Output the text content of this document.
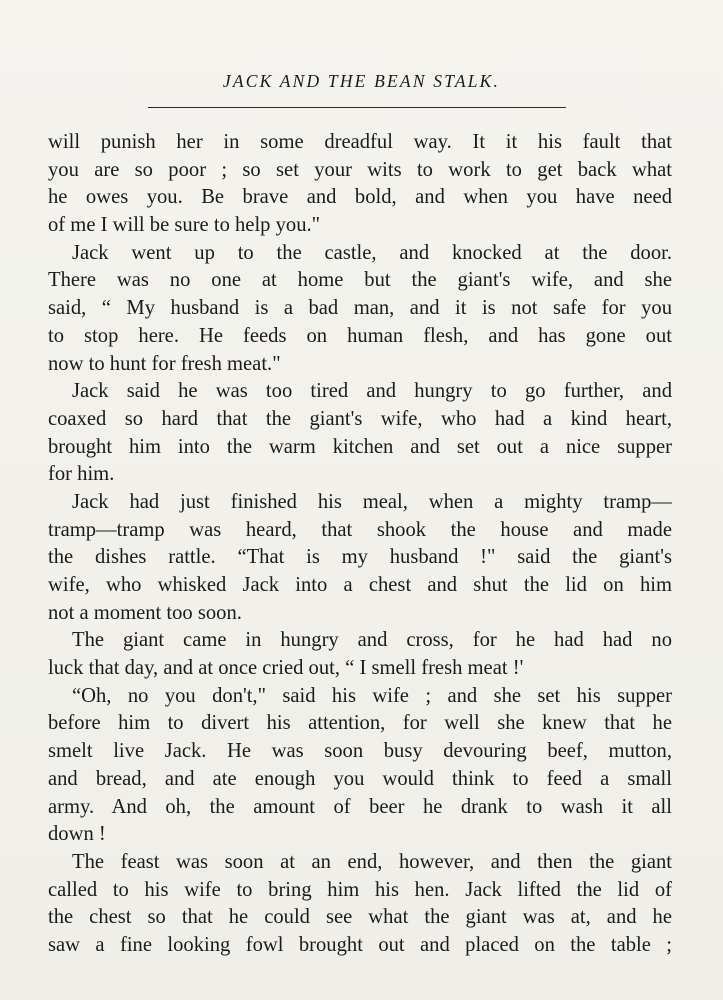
JACK AND THE BEAN STALK.
will punish her in some dreadful way. It it his fault that
you are so poor ; so set your wits to work to get back what
he owes you. Be brave and bold, and when you have need
of me I will be sure to help you."
Jack went up to the castle, and knocked at the door.
There was no one at home but the giant's wife, and she
said, “ My husband is a bad man, and it is not safe for you
to stop here. He feeds on human flesh, and has gone out
now to hunt for fresh meat."
Jack said he was too tired and hungry to go further, and
coaxed so hard that the giant's wife, who had a kind heart,
brought him into the warm kitchen and set out a nice supper
for him.
Jack had just finished his meal, when a mighty tramp—
tramp—tramp was heard, that shook the house and made
the dishes rattle. “That is my husband !" said the giant's
wife, who whisked Jack into a chest and shut the lid on him
not a moment too soon.
The giant came in hungry and cross, for he had had no
luck that day, and at once cried out, “ I smell fresh meat !'
“Oh, no you don't," said his wife ; and she set his supper
before him to divert his attention, for well she knew that he
smelt live Jack. He was soon busy devouring beef, mutton,
and bread, and ate enough you would think to feed a small
army. And oh, the amount of beer he drank to wash it all
down !
The feast was soon at an end, however, and then the giant
called to his wife to bring him his hen. Jack lifted the lid of
the chest so that he could see what the giant was at, and he
saw a fine looking fowl brought out and placed on the table ;
